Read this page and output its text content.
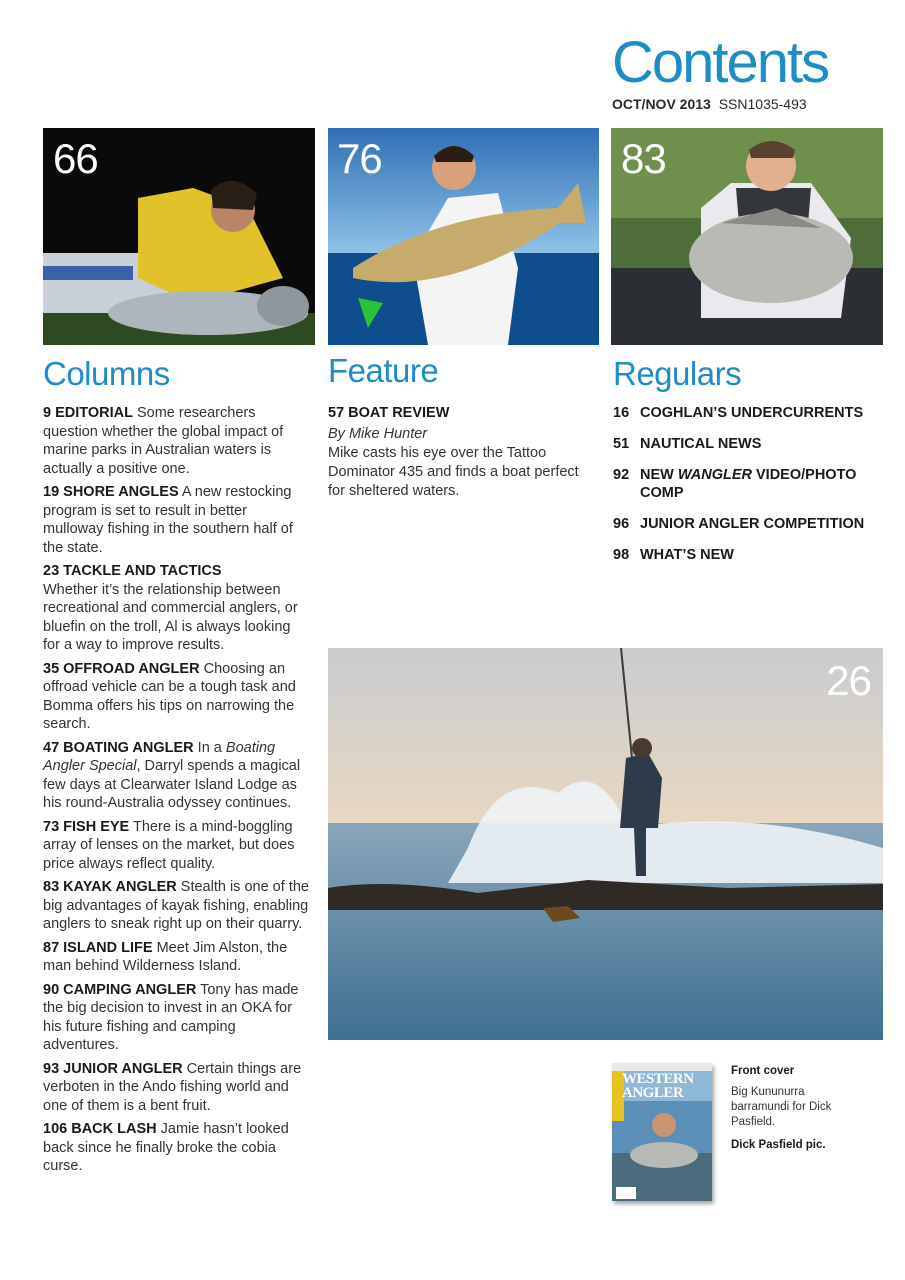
Contents
OCT/NOV 2013 SSN1035-493
66	76	83
Columns	Feature	Regulars

9 EDITORIAL Some researchers question whether the global impact of marine parks in Australian waters is actually a positive one.

19 SHORE ANGLES A new restocking program is set to result in better mulloway fishing in the southern half of the state.

23 TACKLE AND TACTICS
Whether it’s the relationship between recreational and commercial anglers, or bluefin on the troll, Al is always looking for a way to improve results.

35 OFFROAD ANGLER Choosing an offroad vehicle can be a tough task and Bomma offers his tips on narrowing the search.

47 BOATING ANGLER In a Boating Angler Special, Darryl spends a magical few days at Clearwater Island Lodge as his round-Australia odyssey continues.

73 FISH EYE There is a mind-boggling array of lenses on the market, but does price always reflect quality.

83 KAYAK ANGLER Stealth is one of the big advantages of kayak fishing, enabling anglers to sneak right up on their quarry.

87 ISLAND LIFE Meet Jim Alston, the man behind Wilderness Island.

90 CAMPING ANGLER Tony has made the big decision to invest in an OKA for his future fishing and camping adventures.

93 JUNIOR ANGLER Certain things are verboten in the Ando fishing world and one of them is a bent fruit.

106 BACK LASH Jamie hasn’t looked back since he finally broke the cobia curse.

57 BOAT REVIEW
By Mike Hunter
Mike casts his eye over the Tattoo Dominator 435 and finds a boat perfect for sheltered waters.
16 COGHLAN’S UNDERCURRENTS
51 NAUTICAL NEWS
92 NEW WANGLER VIDEO/PHOTO COMP
96 JUNIOR ANGLER COMPETITION
98 WHAT’S NEW
26
WESTERN ANGLER
Front cover
Big Kununurra barramundi for Dick Pasfield.
Dick Pasfield pic.
